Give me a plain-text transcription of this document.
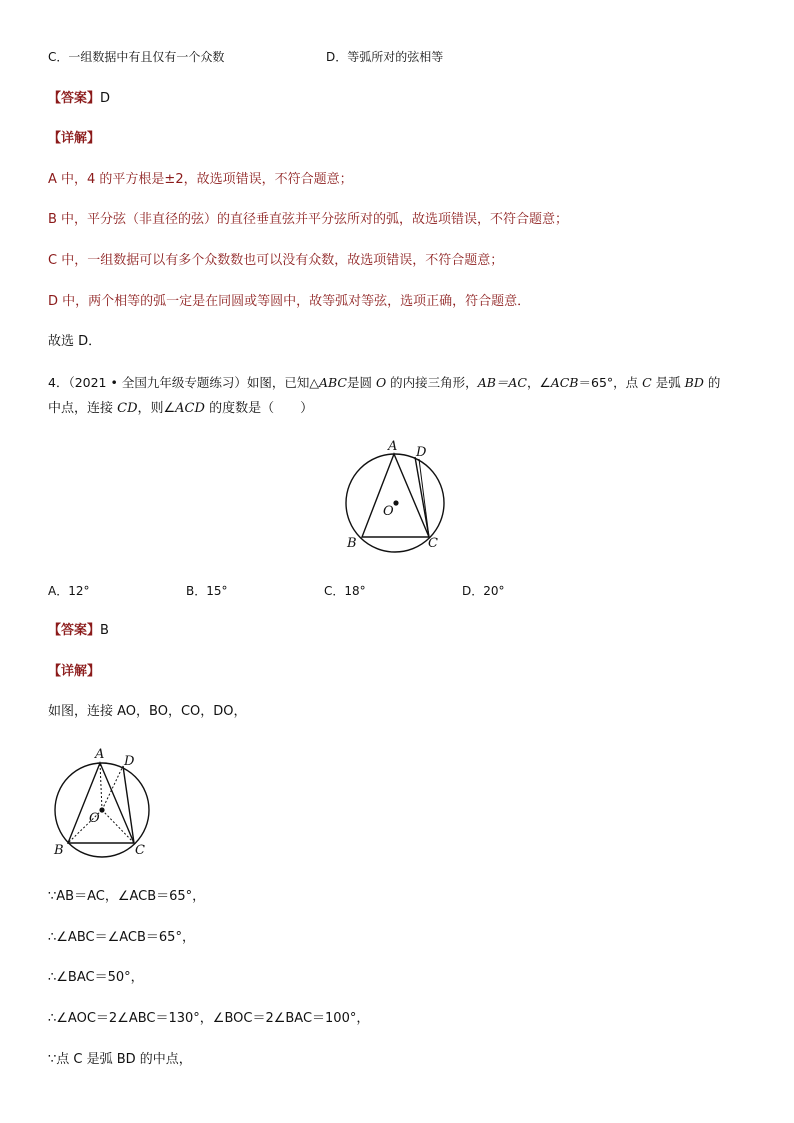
C．一组数据中有且仅有一个众数	D．等弧所对的弦相等
【答案】D
【详解】
A 中，4 的平方根是±2，故选项错误，不符合题意；
B 中，平分弦（非直径的弦）的直径垂直弦并平分弦所对的弧，故选项错误，不符合题意；
C 中，一组数据可以有多个众数数也可以没有众数，故选项错误，不符合题意；
D 中，两个相等的弧一定是在同圆或等圆中，故等弧对等弦，选项正确，符合题意．
故选 D．
4．（2021 • 全国九年级专题练习）如图，已知△ABC是圆 O 的内接三角形，AB＝AC，∠ACB＝65°，点 C 是弧 BD 的
中点，连接 CD，则∠ACD 的度数是（　　）
A D
O
B	C
A．12°	B．15°	C．18°	D．20°
【答案】B
【详解】
如图，连接 AO，BO，CO，DO，
A D
O
B	C
∵AB＝AC，∠ACB＝65°，
∴∠ABC＝∠ACB＝65°，
∴∠BAC＝50°，
∴∠AOC＝2∠ABC＝130°，∠BOC＝2∠BAC＝100°，
∵点 C 是弧 BD 的中点，
